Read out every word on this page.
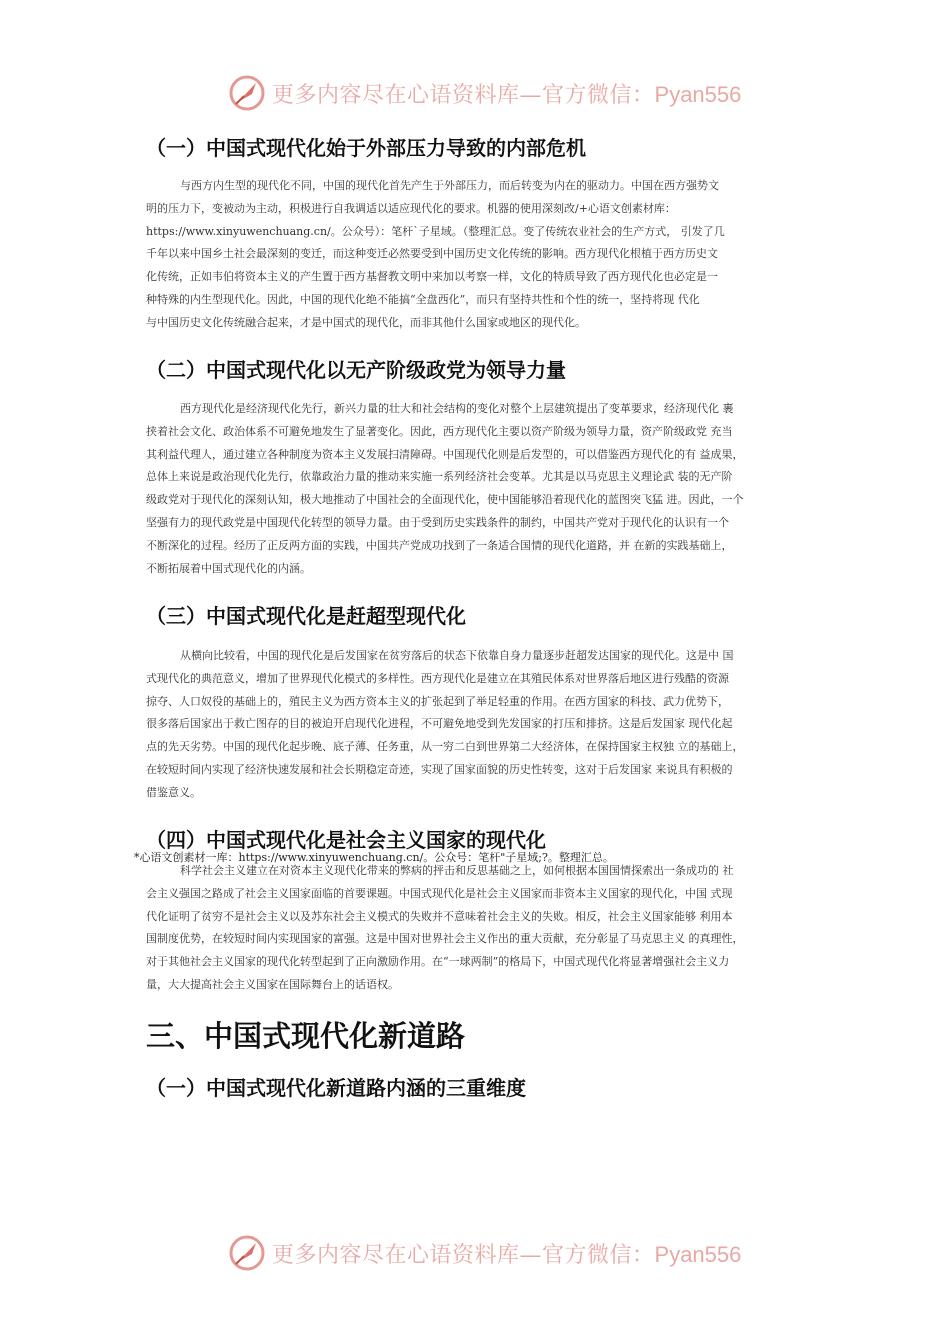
更多内容尽在心语资料库—官方微信：Pyan556
（一）中国式现代化始于外部压力导致的内部危机
与西方内生型的现代化不同，中国的现代化首先产生于外部压力，而后转变为内在的驱动力。中国在西方强势文
明的压力下，变被动为主动，积极进行自我调适以适应现代化的要求。机器的使用深刻改/+心语文创素材库：
https://www.xinyuwenchuang.cn/。公众号）：笔杆`子星域。（整理汇总。变了传统农业社会的生产方式， 引发了几
千年以来中国乡土社会最深刻的变迁，而这种变迁必然要受到中国历史文化传统的影响。西方现代化根植于西方历史文
化传统，正如韦伯将资本主义的产生置于西方基督教文明中来加以考察一样，文化的特质导致了西方现代化也必定是一
种特殊的内生型现代化。因此，中国的现代化绝不能搞“全盘西化”，而只有坚持共性和个性的统一，坚持将现 代化
与中国历史文化传统融合起来，才是中国式的现代化，而非其他什么国家或地区的现代化。
（二）中国式现代化以无产阶级政党为领导力量
西方现代化是经济现代化先行，新兴力量的壮大和社会结构的变化对整个上层建筑提出了变革要求，经济现代化 裹
挟着社会文化、政治体系不可避免地发生了显著变化。因此，西方现代化主要以资产阶级为领导力量，资产阶级政党 充当
其利益代理人，通过建立各种制度为资本主义发展扫清障碍。中国现代化则是后发型的，可以借鉴西方现代化的有 益成果，
总体上来说是政治现代化先行，依靠政治力量的推动来实施一系列经济社会变革。尤其是以马克思主义理论武 装的无产阶
级政党对于现代化的深刻认知，极大地推动了中国社会的全面现代化，使中国能够沿着现代化的蓝图突飞猛 进。因此，一个
坚强有力的现代政党是中国现代化转型的领导力量。由于受到历史实践条件的制约，中国共产党对于现代化的认识有一个
不断深化的过程。经历了正反两方面的实践，中国共产党成功找到了一条适合国情的现代化道路，并 在新的实践基础上，
不断拓展着中国式现代化的内涵。
（三）中国式现代化是赶超型现代化
从横向比较看，中国的现代化是后发国家在贫穷落后的状态下依靠自身力量逐步赶超发达国家的现代化。这是中 国
式现代化的典范意义，增加了世界现代化模式的多样性。西方现代化是建立在其殖民体系对世界落后地区进行残酷的资源
掠夺、人口奴役的基础上的，殖民主义为西方资本主义的扩张起到了举足轻重的作用。在西方国家的科技、武力优势下，
很多落后国家出于救亡图存的目的被迫开启现代化进程，不可避免地受到先发国家的打压和排挤。这是后发国家 现代化起
点的先天劣势。中国的现代化起步晚、底子薄、任务重，从一穷二白到世界第二大经济体，在保持国家主权独 立的基础上，
在较短时间内实现了经济快速发展和社会长期稳定奇迹，实现了国家面貌的历史性转变，这对于后发国家 来说具有积极的
借鉴意义。
（四）中国式现代化是社会主义国家的现代化

*心语文创素材一库：https://www.xinyuwenchuang.cn/。公众号：笔杆"子星域;?。整理汇总。

科学社会主义建立在对资本主义现代化带来的弊病的抨击和反思基础之上，如何根据本国国情探索出一条成功的 社
会主义强国之路成了社会主义国家面临的首要课题。中国式现代化是社会主义国家而非资本主义国家的现代化，中国 式现
代化证明了贫穷不是社会主义以及苏东社会主义模式的失败并不意味着社会主义的失败。相反，社会主义国家能够 利用本
国制度优势，在较短时间内实现国家的富强。这是中国对世界社会主义作出的重大贡献，充分彰显了马克思主义 的真理性，
对于其他社会主义国家的现代化转型起到了正向激励作用。在“一球两制”的格局下，中国式现代化将显著增强社会主义力
量，大大提高社会主义国家在国际舞台上的话语权。
三、中国式现代化新道路
（一）中国式现代化新道路内涵的三重维度
更多内容尽在心语资料库—官方微信：Pyan556
